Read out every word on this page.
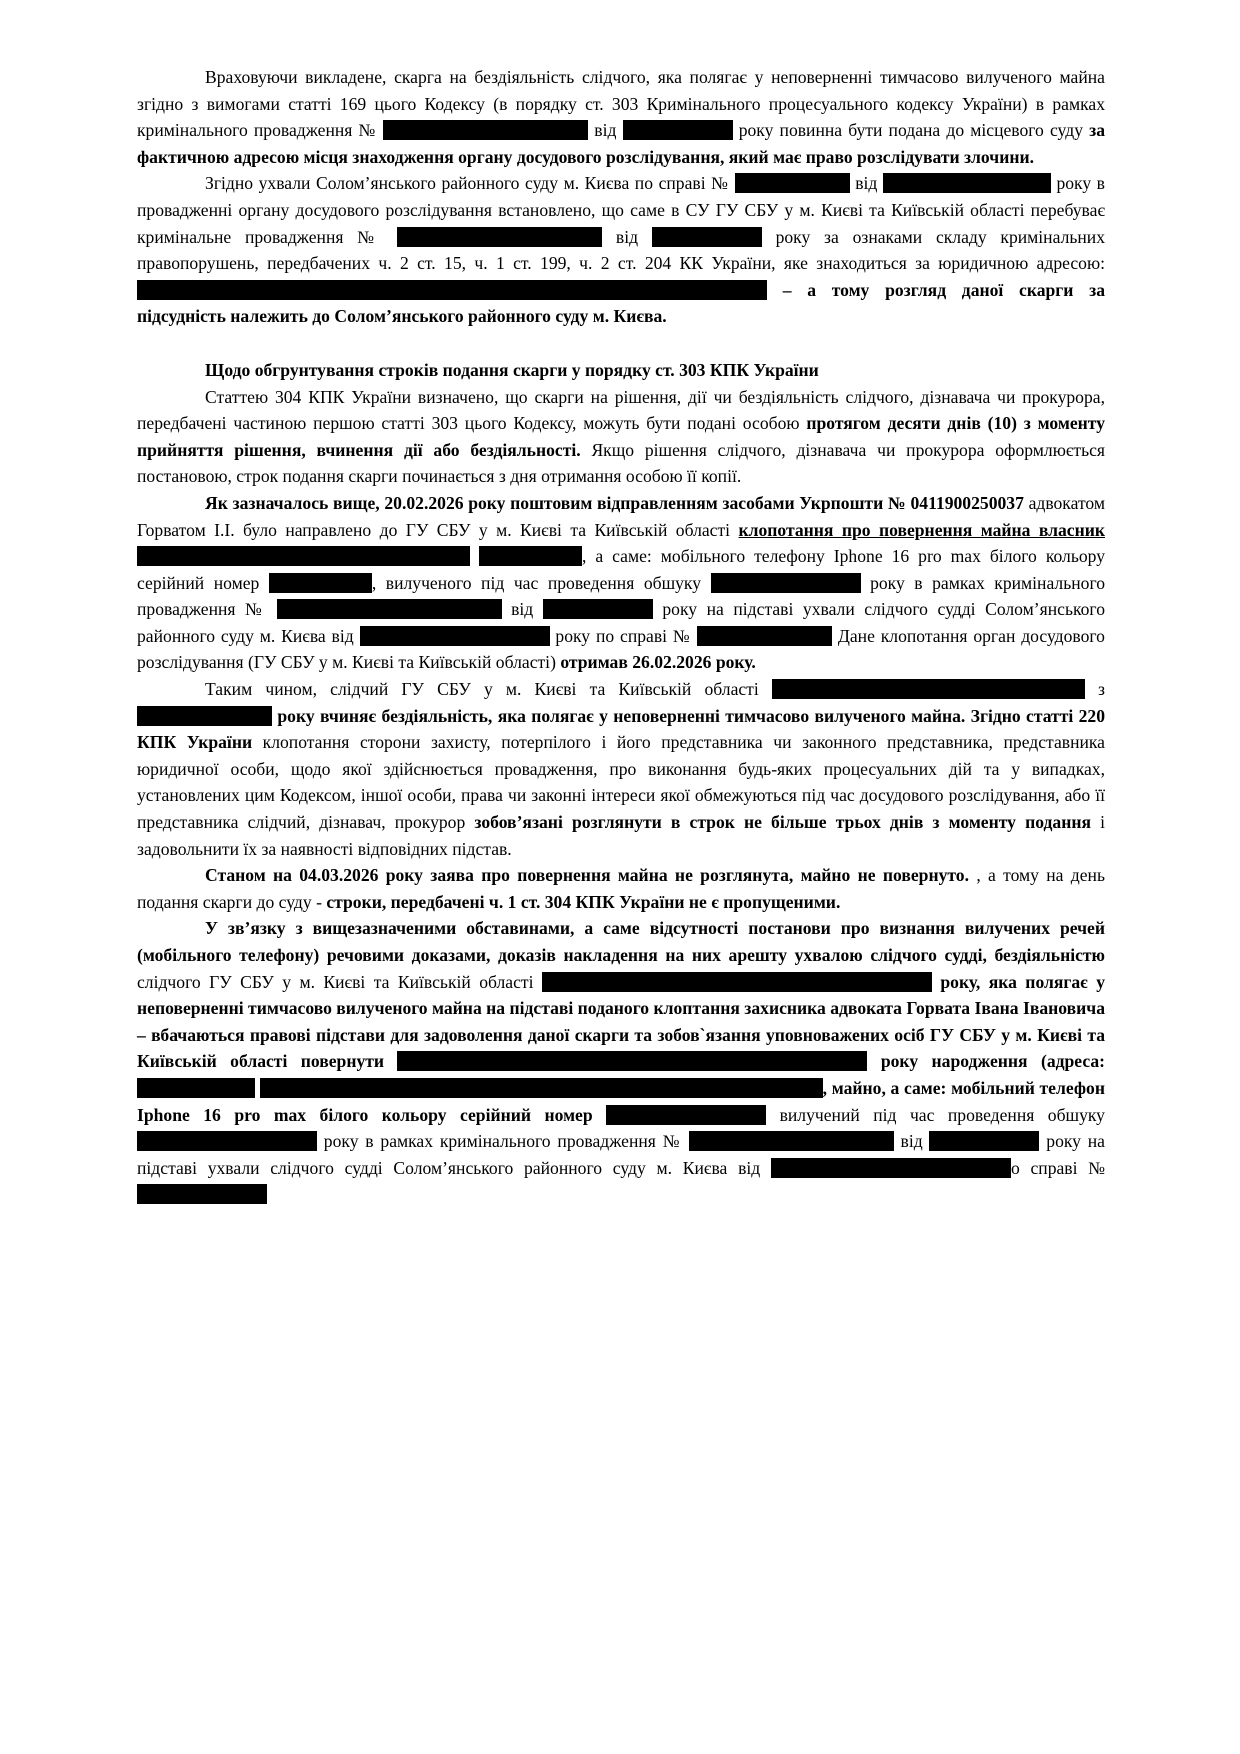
Враховуючи викладене, скарга на бездіяльність слідчого, яка полягає у неповерненні тимчасово вилученого майна згідно з вимогами статті 169 цього Кодексу (в порядку ст. 303 Кримінального процесуального кодексу України) в рамках кримінального провадження №	від	року повинна бути подана до місцевого суду за фактичною адресою місця знаходження органу досудового розслідування, який має право розслідувати злочини.

Згідно ухвали Солом’янського районного суду м. Києва по справі №	від	року в провадженні органу досудового розслідування встановлено, що саме в СУ ГУ СБУ у м. Києві та Київській області перебуває кримінальне провадження №	від	року за ознаками складу кримінальних правопорушень, передбачених ч. 2 ст. 15, ч. 1 ст. 199, ч. 2 ст. 204 КК України, яке знаходиться за юридичною адресою:  – а тому розгляд даної скарги за підсудність належить до Солом’янського районного суду м. Києва.

Щодо обгрунтування строків подання скарги у порядку ст. 303 КПК України

Статтею 304 КПК України визначено, що скарги на рішення, дії чи бездіяльність слідчого, дізнавача чи прокурора, передбачені частиною першою статті 303 цього Кодексу, можуть бути подані особою протягом десяти днів (10) з моменту прийняття рішення, вчинення дії або бездіяльності. Якщо рішення слідчого, дізнавача чи прокурора оформлюється постановою, строк подання скарги починається з дня отримання особою її копії.

Як зазначалось вище, 20.02.2026 року поштовим відправленням засобами Укрпошти № 0411900250037 адвокатом Горватом І.І. було направлено до ГУ СБУ у м. Києві та Київській області клопотання про повернення майна власник , а саме: мобільного телефону Iphone 16 pro max білого кольору серійний номер	, вилученого під час проведення обшуку	року в рамках кримінального провадження №	від	року на підставі ухвали слідчого судді Солом’янського районного суду м. Києва від	року по справі №	Дане клопотання орган досудового розслідування (ГУ СБУ у м. Києві та Київській області) отримав 26.02.2026 року.

Таким чином, слідчий ГУ СБУ у м. Києві та Київській області	з  року вчиняє бездіяльність, яка полягає у неповерненні тимчасово вилученого майна. Згідно статті 220 КПК України клопотання сторони захисту, потерпілого і його представника чи законного представника, представника юридичної особи, щодо якої здійснюється провадження, про виконання будь-яких процесуальних дій та у випадках, установлених цим Кодексом, іншої особи, права чи законні інтереси якої обмежуються під час досудового розслідування, або її представника слідчий, дізнавач, прокурор зобов’язані розглянути в строк не більше трьох днів з моменту подання і задовольнити їх за наявності відповідних підстав.

Станом на 04.03.2026 року заява про повернення майна не розглянута, майно не повернуто. , а тому на день подання скарги до суду - строки, передбачені ч. 1 ст. 304 КПК України не є пропущеними.

У зв’язку з вищезазначеними обставинами, а саме відсутності постанови про визнання вилучених речей (мобільного телефону) речовими доказами, доказів накладення на них арешту ухвалою слідчого судді, бездіяльністю слідчого ГУ СБУ у м. Києві та Київській області	року, яка полягає у неповерненні тимчасово вилученого майна на підставі поданого клоптання захисника адвоката Горвата Івана Івановича – вбачаються правові підстави для задоволення даної скарги та зобов`язання уповноважених осіб ГУ СБУ у м. Києві та Київській області повернути	року народження (адреса:  , майно, а саме: мобільний телефон Iphone 16 pro max білого кольору серійний номер	вилучений під час проведення обшуку  року в рамках кримінального провадження №	від	року на підставі ухвали слідчого судді Солом’янського районного суду м. Києва від	о справі №
